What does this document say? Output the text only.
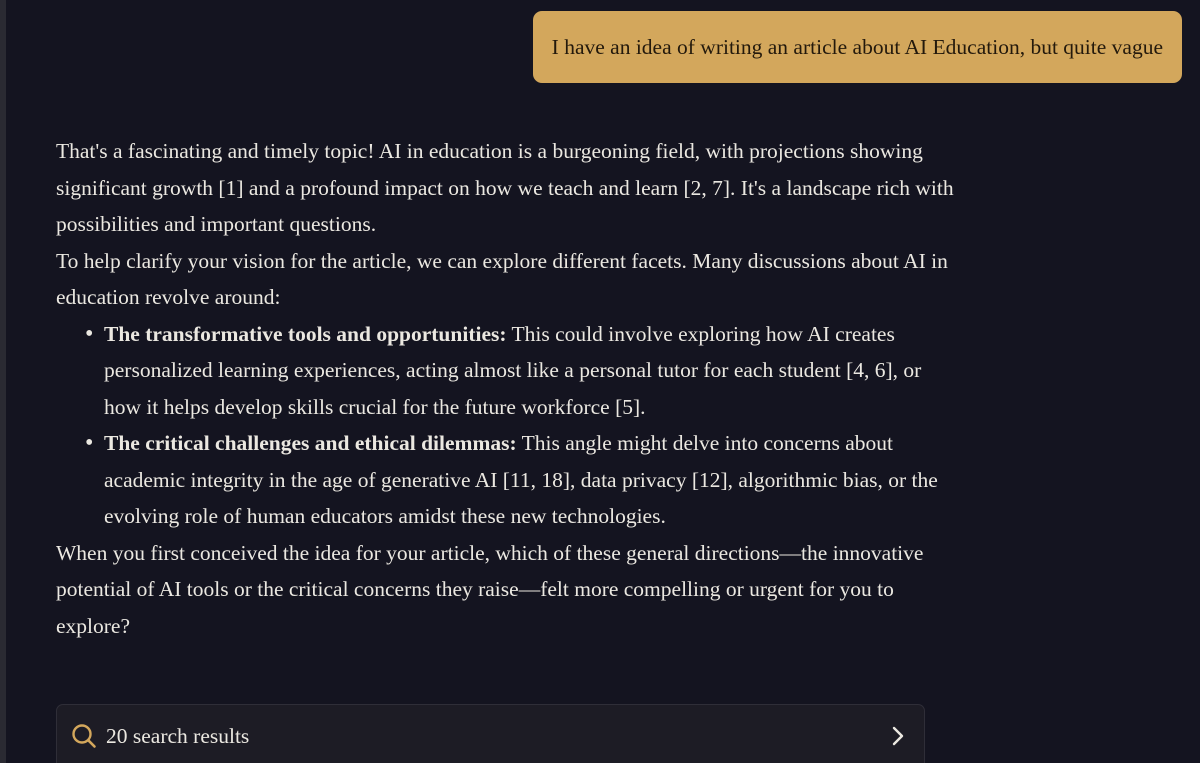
I have an idea of writing an article about AI Education, but quite vague

That's a fascinating and timely topic! AI in education is a burgeoning field, with projections showing significant growth [1] and a profound impact on how we teach and learn [2, 7]. It's a landscape rich with possibilities and important questions.

To help clarify your vision for the article, we can explore different facets. Many discussions about AI in education revolve around:

• The transformative tools and opportunities: This could involve exploring how AI creates personalized learning experiences, acting almost like a personal tutor for each student [4, 6], or how it helps develop skills crucial for the future workforce [5].
• The critical challenges and ethical dilemmas: This angle might delve into concerns about academic integrity in the age of generative AI [11, 18], data privacy [12], algorithmic bias, or the evolving role of human educators amidst these new technologies.

When you first conceived the idea for your article, which of these general directions—the innovative potential of AI tools or the critical concerns they raise—felt more compelling or urgent for you to explore?

20 search results
